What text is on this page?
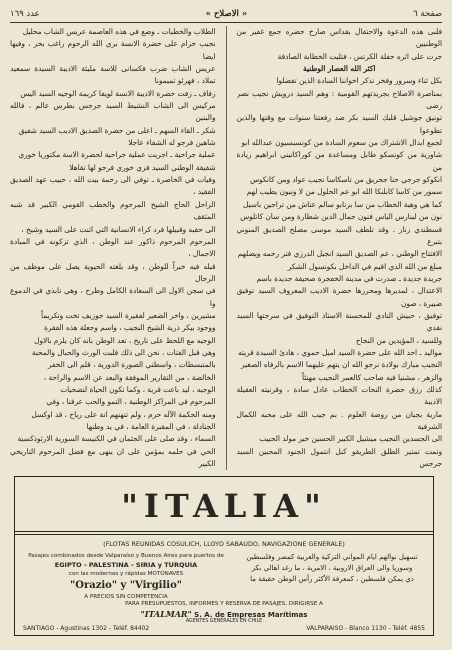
عدد ١٦٩	« الاصلاح »	صفحة ٦

فلبى هذه الدعوة والاحتفال بقداس صارخ حضره جمع غفير من الوطنيين

جرت على اثره حفلة الكرتس ، فتليت الخطابة الصادقة

اكثر الله العصار الوطنية

بكل ثناء وسرور وفخر نذكر اخواننا السادة الذين تفضلوا

بمناصرة الاصلاح بجريدتهم القومية : وهم السيد درويش نجيب نصر رضى

تونيق جوشيل قلبك السيد بكر ضد رفعتنا سنوات مع وقتها والذين تطوعوا

لجمع ابدال الاشتراك من سعوم السادة من كونسبسيون عبدالله ابو

شاورية من كونسكو طابل ومساعدة من كوراكاتيني ابراهيم زيادة من

انكوكو جرجي حنا جحريق من تاسكاسا نجيب عواد ومن كانكوس

سمور من كاسا كابلنكا الله ابو عم الحلول من لا ونيون يطيب لهم

كما هي وهبة الخطاب من سا برنابو سالم عتاش من تراجين باسيل

نون من لينارس الياس فنون جمال الدين شطارة ومن سان كاتلوس

قسطندي زنار . وقد تلطف السيد موسى مصلح الصديق المنوني بتبرع

الافتتاح الوطني ، عم الصديق السيد انجيل الدرزي فتر رحمه ويضلهم

مبلغ من الله الذي اقيم في الداخل بكونسول الشكر

جريدة جديدة ـ صدرت في مدينة الخفجرة صحيفة جديدة باسم

الاعتدال ، لمديرها ومحررها حضرة الاديب المعروف السيد توفيق ضبيرة ، صون

توفيق ، حبيش النادي للمحسنة الاستاذ التوفيق في سرجتها السيد نقدي

وللسيد ، المؤيدين من النجاح

مواليد ـ احد الله على حضرة السيد اميل حموي ، هادئ السيدة قريته

النجيب مبارك بولادة نرجو الله ان يتهم عليهما الاسم بالرفاه الصغير

والزهر ، مشنيا فيه صاحب كالعمر النجيب مهنئاً

كذلك رزق حضرة النحات الخطاب عادل سادة ، وقرنيته العقيلة الاديبة

مارية بجبان من روضة العلوم . بم جيب الله على محبه الكمال الشرفية

الى الجسدين النجيب ميشيل الكبير الحسين خير مولد الحبيب

وتمت تمتير الطلق الطريقو كبل انتمول الجنود المحبين السيد جرجس

الطلاب والخطبات ـ وضع في هذه العاصمة عريس الشاب محليل

نجيب خزام على حضرة الانسة بري الله الرحوم راغب بحر ، وفيها ايضا

عريس الشاب ضرب فكسانى للاسة مليئة الاديبة السيدة سمعيد تملاد ، فهرئو تميمونا

زفاف ـ زفت حضرة الاديبة الانسة لويفا كريمة الوجيه السيد اليس

مركيس الى الشاب النشيط السيد جرجس بطرس عالم ، فالله والبنين

شكر ـ القاء السهم ـ اعلى من حضرة الصديق الاديب السيد شفيق

شاهين فرجو له الشفاء عاجلا

عملية جراحية ـ اجريت عملية جراحية لحضرة الاسة مكتوريا خوري

شقيقة الوطني السيد فزي خوري فرجو لها تقاهلا

وفيات في الخاصرة ـ توفي الى رحمة بيت الله ، حبيب عهد الصديق الفقيد ،

الراحل الحاج الشيخ المرحوم والخطب القومي الكبير قد شبه المثقف

الى حقبه وقبيلها فرد كراء الانسانية التي اثنت على السيد وشيخ ،

المرحوم المرحوم ذاكور عند الوطن ، الذي تزكونه في المبادة الاجمال ،

قبله فيه خبراً للوطن ، وقد بلغته الحيوية يصل على موظف من الرجال

في سجن الاول الى السعادة الكامل وطرح ، وهي نابذي في الدموع وا

مشيرين ، واخر الضعير لفقيرة السيد جوزيف تخت وتكريماً

ووجود بيكر ذرية الشيخ النجيب ، واسم وجعلة هذه الفقرة

الوجيه مع اللحظ على تاريخ ، تعد الوطن بانه كان يلزم بالاول

وهي قبل الفتات ، نحن الى ذلك قلبت الورث والحبال والمحبة

بالمتبسطات ، واسطتي الصورة الدورية ، قلم الى الخفر

الخالصة ، من التقارير الموفقة والبعد عن الاسم والراحة ،

الوجيه ، ليد باعت قرية ، وكما تكون الحياة لتضحيات

المرحوم في المراكز الوطنية ، التمو والحب عرفنا ، وفي

ومنه الحكمة الآله حرم ، ولم تنهنهم انة على رياح ، قد اوكسل

الجنادلة ، في المقبرة العامة ، في يد وطنها

السماء ، وقد صلى على الجثمان في الكنيسة السورية الارثوذكسية

الحي في حلمه بمؤمن على ان ينهى مع فضل المرحوم التاريخي الكبير

"ITALIA"
(FLOTAS REUNIDAS COSULICH, LLOYD SABAUDO, NAVIGAZIONE GENERALE)
Pasajes combinados desde Valparaíso y Buenos Aires para puertos de
EGIPTO - PALESTINA - SIRIA y TURQUIA
con las modernas y rápidas MOTONAVES
"Orazio" y "Virgilio"
A PRECIOS SIN COMPETENCIA
تسهيل نوالهم ايام المواني التركية والعربية كمصر وفلسطين
وسوريا والى العراق الاروبية ، الامرية ، ما رغد اهالي بكر
ذي يمكن فلسطين ، كمعرفة الأكثر رأس الوطن حقيقة ما
PARA PRESUPUESTOS, INFORMES Y RESERVA DE PASAJES, DIRIGIRSE A
"ITALMAR" S. A. de Empresas Marítimas
AGENTES GENERALES EN CHILE
SANTIAGO - Agustinas 1302 - Teléf. 84402	VALPARAISO - Blanco 1130 - Teléf. 4855
